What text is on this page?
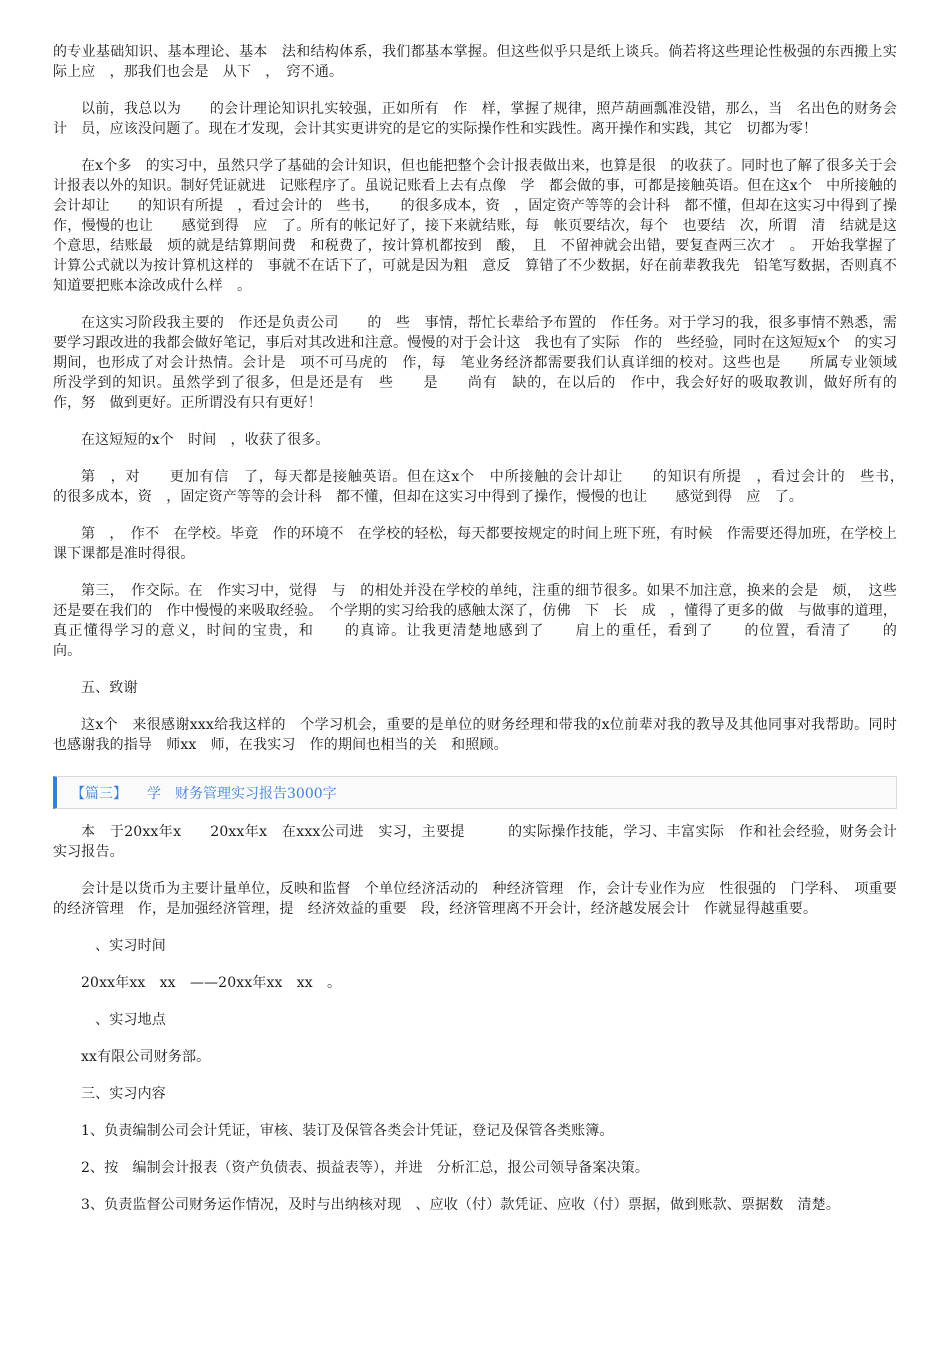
的专业基础知识、基本理论、基本　法和结构体系，我们都基本掌握。但这些似乎只是纸上谈兵。倘若将这些理论性极强的东西搬上实际上应　，那我们也会是　从下　，　窍不通。

以前，我总以为　　的会计理论知识扎实较强，正如所有　作　样，掌握了规律，照芦葫画瓢准没错，那么，当　名出色的财务会计　员，应该没问题了。现在才发现，会计其实更讲究的是它的实际操作性和实践性。离开操作和实践，其它　切都为零！

在x个多　的实习中，虽然只学了基础的会计知识，但也能把整个会计报表做出来，也算是很　的收获了。同时也了解了很多关于会计报表以外的知识。制好凭证就进　记账程序了。虽说记账看上去有点像　学　都会做的事，可都是接触英语。但在这x个　中所接触的会计却让　　的知识有所提　，看过会计的　些书，　　的很多成本，资　，固定资产等等的会计科　都不懂，但却在这实习中得到了操作，慢慢的也让　　感觉到得　应　了。所有的帐记好了，接下来就结账，每　帐页要结次，每个　也要结　次，所谓　清　结就是这个意思，结账最　烦的就是结算期间费　和税费了，按计算机都按到　酸，　且　不留神就会出错，要复查两三次才　。　开始我掌握了计算公式就以为按计算机这样的　事就不在话下了，可就是因为粗　意反　算错了不少数据，好在前辈教我先　铅笔写数据，否则真不知道要把账本涂改成什么样　。

在这实习阶段我主要的　作还是负责公司　　的　些　事情，帮忙长辈给予布置的　作任务。对于学习的我，很多事情不熟悉，需要学习跟改进的我都会做好笔记，事后对其改进和注意。慢慢的对于会计这　我也有了实际　作的　些经验，同时在这短短x个　的实习期间，也形成了对会计热情。会计是　项不可马虎的　作，每　笔业务经济都需要我们认真详细的校对。这些也是　　所属专业领域　所没学到的知识。虽然学到了很多，但是还是有　些　　是　　尚有　缺的，在以后的　作中，我会好好的吸取教训，做好所有的　作，努　做到更好。正所谓没有只有更好！

在这短短的x个　时间　，收获了很多。

第　，对　　更加有信　了，每天都是接触英语。但在这x个　中所接触的会计却让　　的知识有所提　，看过会计的　些书，　　的很多成本，资　，固定资产等等的会计科　都不懂，但却在这实习中得到了操作，慢慢的也让　　感觉到得　应　了。

第　，　作不　在学校。毕竟　作的环境不　在学校的轻松，每天都要按规定的时间上班下班，有时候　作需要还得加班，在学校上课下课都是准时得很。

第三，　作交际。在　作实习中，觉得　与　的相处并没在学校的单纯，注重的细节很多。如果不加注意，换来的会是　烦，　这些还是要在我们的　作中慢慢的来吸取经验。　个学期的实习给我的感触太深了，仿佛　下　长　成　，懂得了更多的做　与做事的道理，真正懂得学习的意义，时间的宝贵，和　　的真谛。让我更清楚地感到了　　肩上的重任，看到了　　的位置，看清了　　的　　　向。

五、致谢

这x个　来很感谢xxx给我这样的　个学习机会，重要的是单位的财务经理和带我的x位前辈对我的教导及其他同事对我帮助。同时也感谢我的指导　师xx　师，在我实习　作的期间也相当的关　和照顾。

【篇三】 　学　财务管理实习报告3000字

本　于20xx年x　　20xx年x　在xxx公司进　实习，主要提　　　的实际操作技能，学习、丰富实际　作和社会经验，财务会计实习报告。

会计是以货币为主要计量单位，反映和监督　个单位经济活动的　种经济管理　作，会计专业作为应　性很强的　门学科、　项重要的经济管理　作，是加强经济管理，提　经济效益的重要　段，经济管理离不开会计，经济越发展会计　作就显得越重要。

　、实习时间

20xx年xx　xx　——20xx年xx　xx　。

　、实习地点

xx有限公司财务部。

三、实习内容

1、负责编制公司会计凭证，审核、装订及保管各类会计凭证，登记及保管各类账簿。

2、按　编制会计报表（资产负债表、损益表等），并进　分析汇总，报公司领导备案决策。

3、负责监督公司财务运作情况，及时与出纳核对现　、应收（付）款凭证、应收（付）票据，做到账款、票据数　清楚。
